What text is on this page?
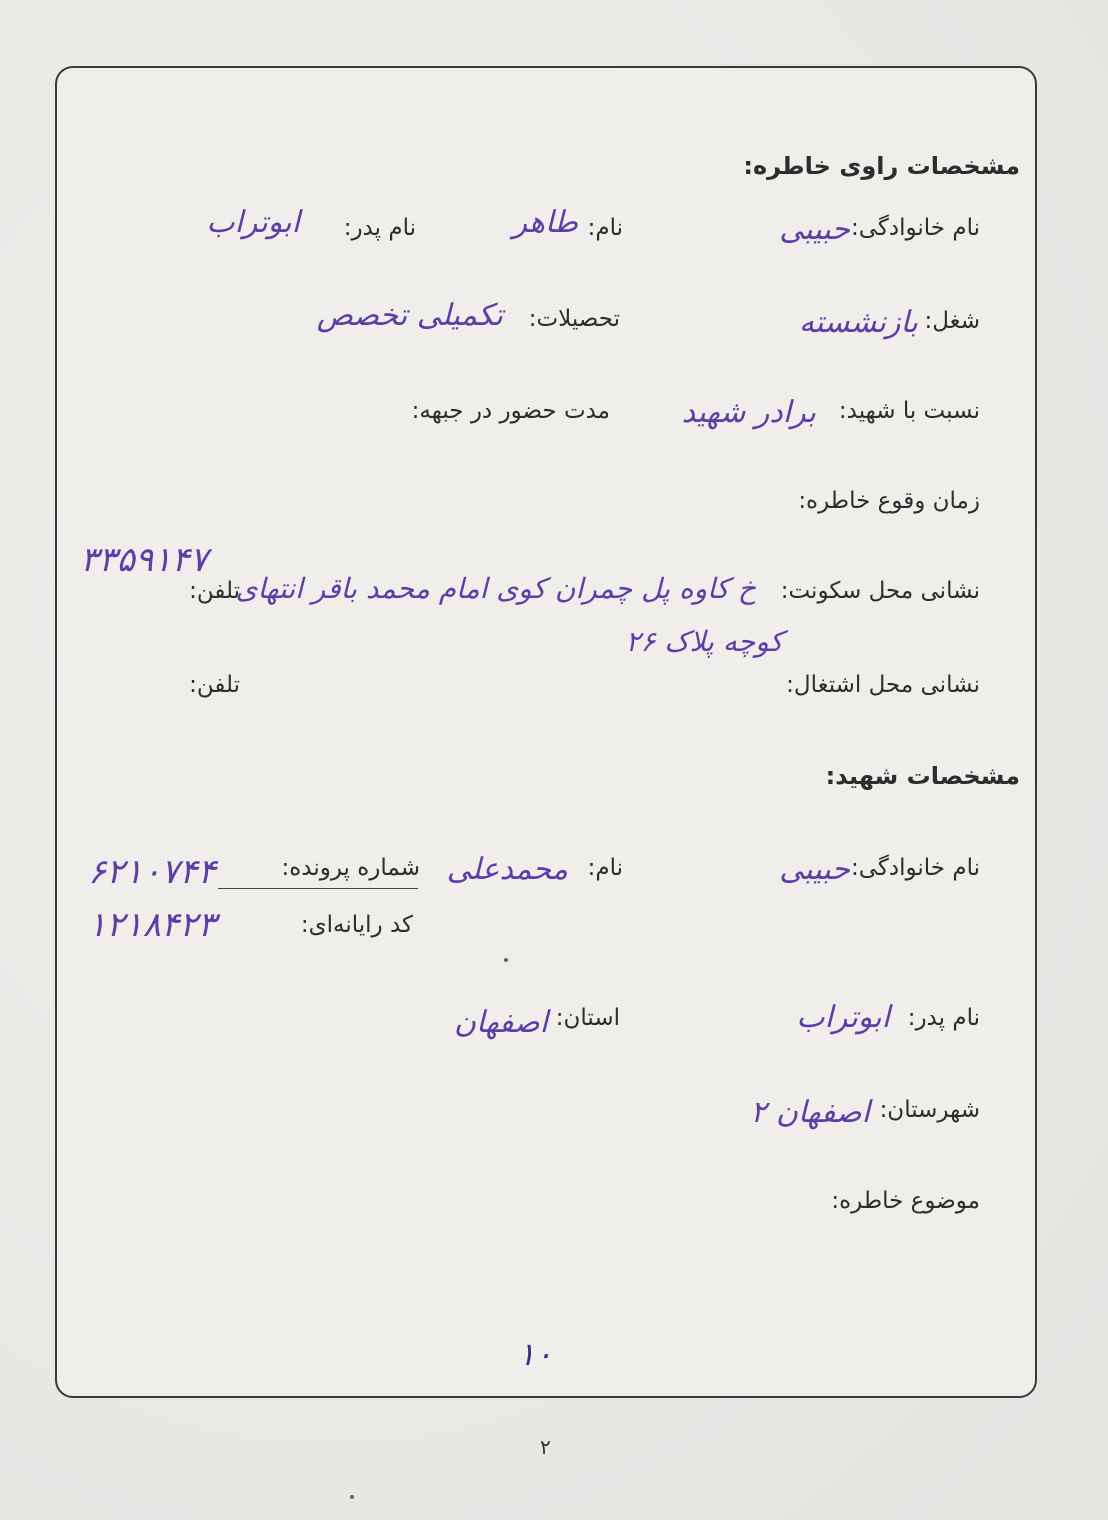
مشخصات راوی خاطره:
نام خانوادگی:
حبیبی
نام:
طاهر
نام پدر:
ابوتراب
شغل:
بازنشسته
تحصیلات:
تکمیلی تخصص
نسبت با شهید:
برادر شهید
مدت حضور در جبهه:
زمان وقوع خاطره:
نشانی محل سکونت:
خ کاوه پل چمران کوی امام محمد باقر انتهای
کوچه پلاک ۲۶
تلفن:
۳۳۵۹۱۴۷
نشانی محل اشتغال:
تلفن:
مشخصات شهید:
نام خانوادگی:
حبیبی
نام:
محمدعلی
شماره پرونده:
۶۲۱۰۷۴۴
کد رایانه‌ای:
۱۲۱۸۴۲۳
نام پدر:
ابوتراب
استان:
اصفهان
شهرستان:
اصفهان ۲
موضوع خاطره:
۱۰
۲
